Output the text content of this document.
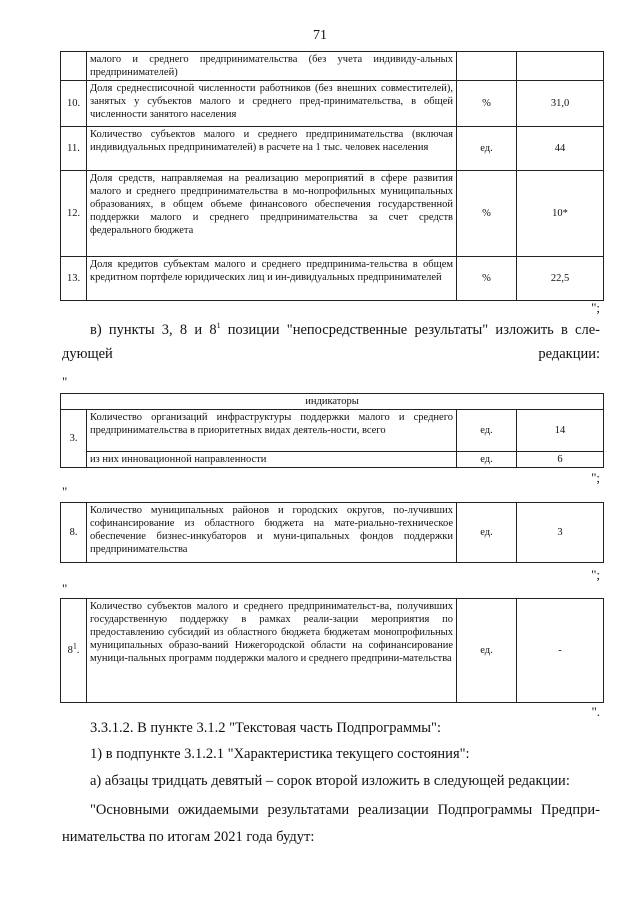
71
	малого и среднего предпринимательства (без учета индивиду-альных предпринимателей)		
10.	Доля среднесписочной численности работников (без внешних совместителей), занятых у субъектов малого и среднего пред-принимательства, в общей численности занятого населения	%	31,0
11.	Количество субъектов малого и среднего предпринимательства (включая индивидуальных предпринимателей) в расчете на 1 тыс. человек населения	ед.	44
12.	Доля средств, направляемая на реализацию мероприятий в сфере развития малого и среднего предпринимательства в мо-нопрофильных муниципальных образованиях, в общем объеме финансового обеспечения государственной поддержки малого и среднего предпринимательства за счет средств федерального бюджета	%	10*
13.	Доля кредитов субъектам малого и среднего предпринима-тельства в общем кредитном портфеле юридических лиц и ин-дивидуальных предпринимателей	%	22,5
";
в) пункты 3, 8 и $8^1$ позиции "непосредственные результаты" изложить в сле-дующей редакции:
"
индикаторы			
3.	Количество организаций инфраструктуры поддержки малого и среднего предпринимательства в приоритетных видах деятель-ности, всего	ед.	14
	из них инновационной направленности	ед.	6
";
"
8.	Количество муниципальных районов и городских округов, по-лучивших софинансирование из областного бюджета на мате-риально-техническое обеспечение бизнес-инкубаторов и муни-ципальных фондов поддержки предпринимательства	ед.	3
";
"
$8^1$.	Количество субъектов малого и среднего предпринимательст-ва, получивших государственную поддержку в рамках реали-зации мероприятия по предоставлению субсидий из областного бюджета бюджетам монопрофильных муниципальных образо-ваний Нижегородской области на софинансирование муници-пальных программ поддержки малого и среднего предприни-мательства	ед.	-
".
3.3.1.2. В пункте 3.1.2 "Текстовая часть Подпрограммы":
1) в подпункте 3.1.2.1 "Характеристика текущего состояния":
а) абзацы тридцать девятый – сорок второй изложить в следующей редакции:
"Основными ожидаемыми результатами реализации Подпрограммы Предпри-
нимательства по итогам 2021 года будут:
